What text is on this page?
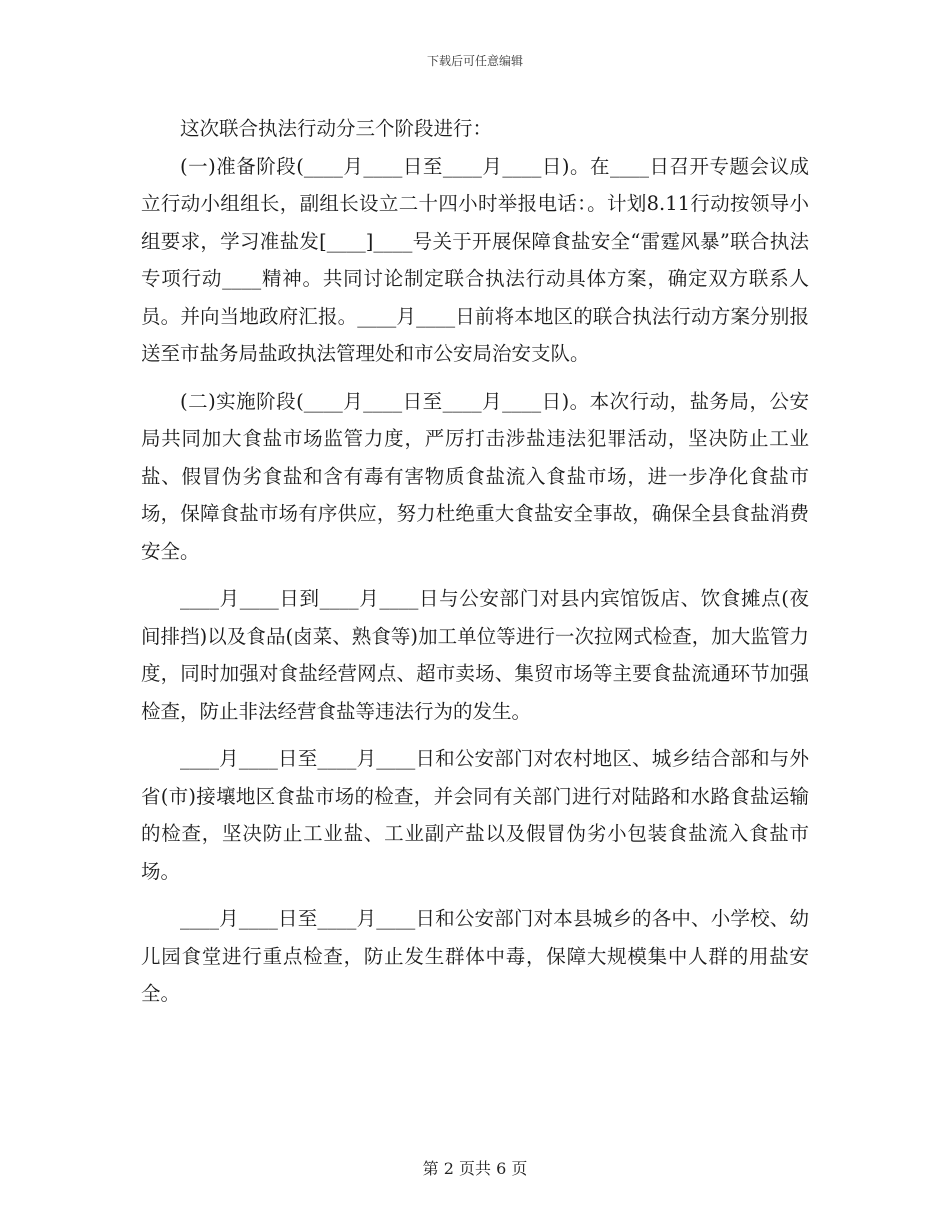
下载后可任意编辑

这次联合执法行动分三个阶段进行：

(一)准备阶段(____月____日至____月____日)。在____日召开专题会议成立行动小组组长，副组长设立二十四小时举报电话：。计划8.11行动按领导小组要求，学习准盐发[____]____号关于开展保障食盐安全“雷霆风暴”联合执法专项行动____精神。共同讨论制定联合执法行动具体方案，确定双方联系人员。并向当地政府汇报。____月____日前将本地区的联合执法行动方案分别报送至市盐务局盐政执法管理处和市公安局治安支队。

(二)实施阶段(____月____日至____月____日)。本次行动，盐务局，公安局共同加大食盐市场监管力度，严厉打击涉盐违法犯罪活动，坚决防止工业盐、假冒伪劣食盐和含有毒有害物质食盐流入食盐市场，进一步净化食盐市场，保障食盐市场有序供应，努力杜绝重大食盐安全事故，确保全县食盐消费安全。

____月____日到____月____日与公安部门对县内宾馆饭店、饮食摊点(夜间排挡)以及食品(卤菜、熟食等)加工单位等进行一次拉网式检查，加大监管力度，同时加强对食盐经营网点、超市卖场、集贸市场等主要食盐流通环节加强检查，防止非法经营食盐等违法行为的发生。

____月____日至____月____日和公安部门对农村地区、城乡结合部和与外省(市)接壤地区食盐市场的检查，并会同有关部门进行对陆路和水路食盐运输的检查，坚决防止工业盐、工业副产盐以及假冒伪劣小包装食盐流入食盐市场。

____月____日至____月____日和公安部门对本县城乡的各中、小学校、幼儿园食堂进行重点检查，防止发生群体中毒，保障大规模集中人群的用盐安全。

第 2 页共 6 页
